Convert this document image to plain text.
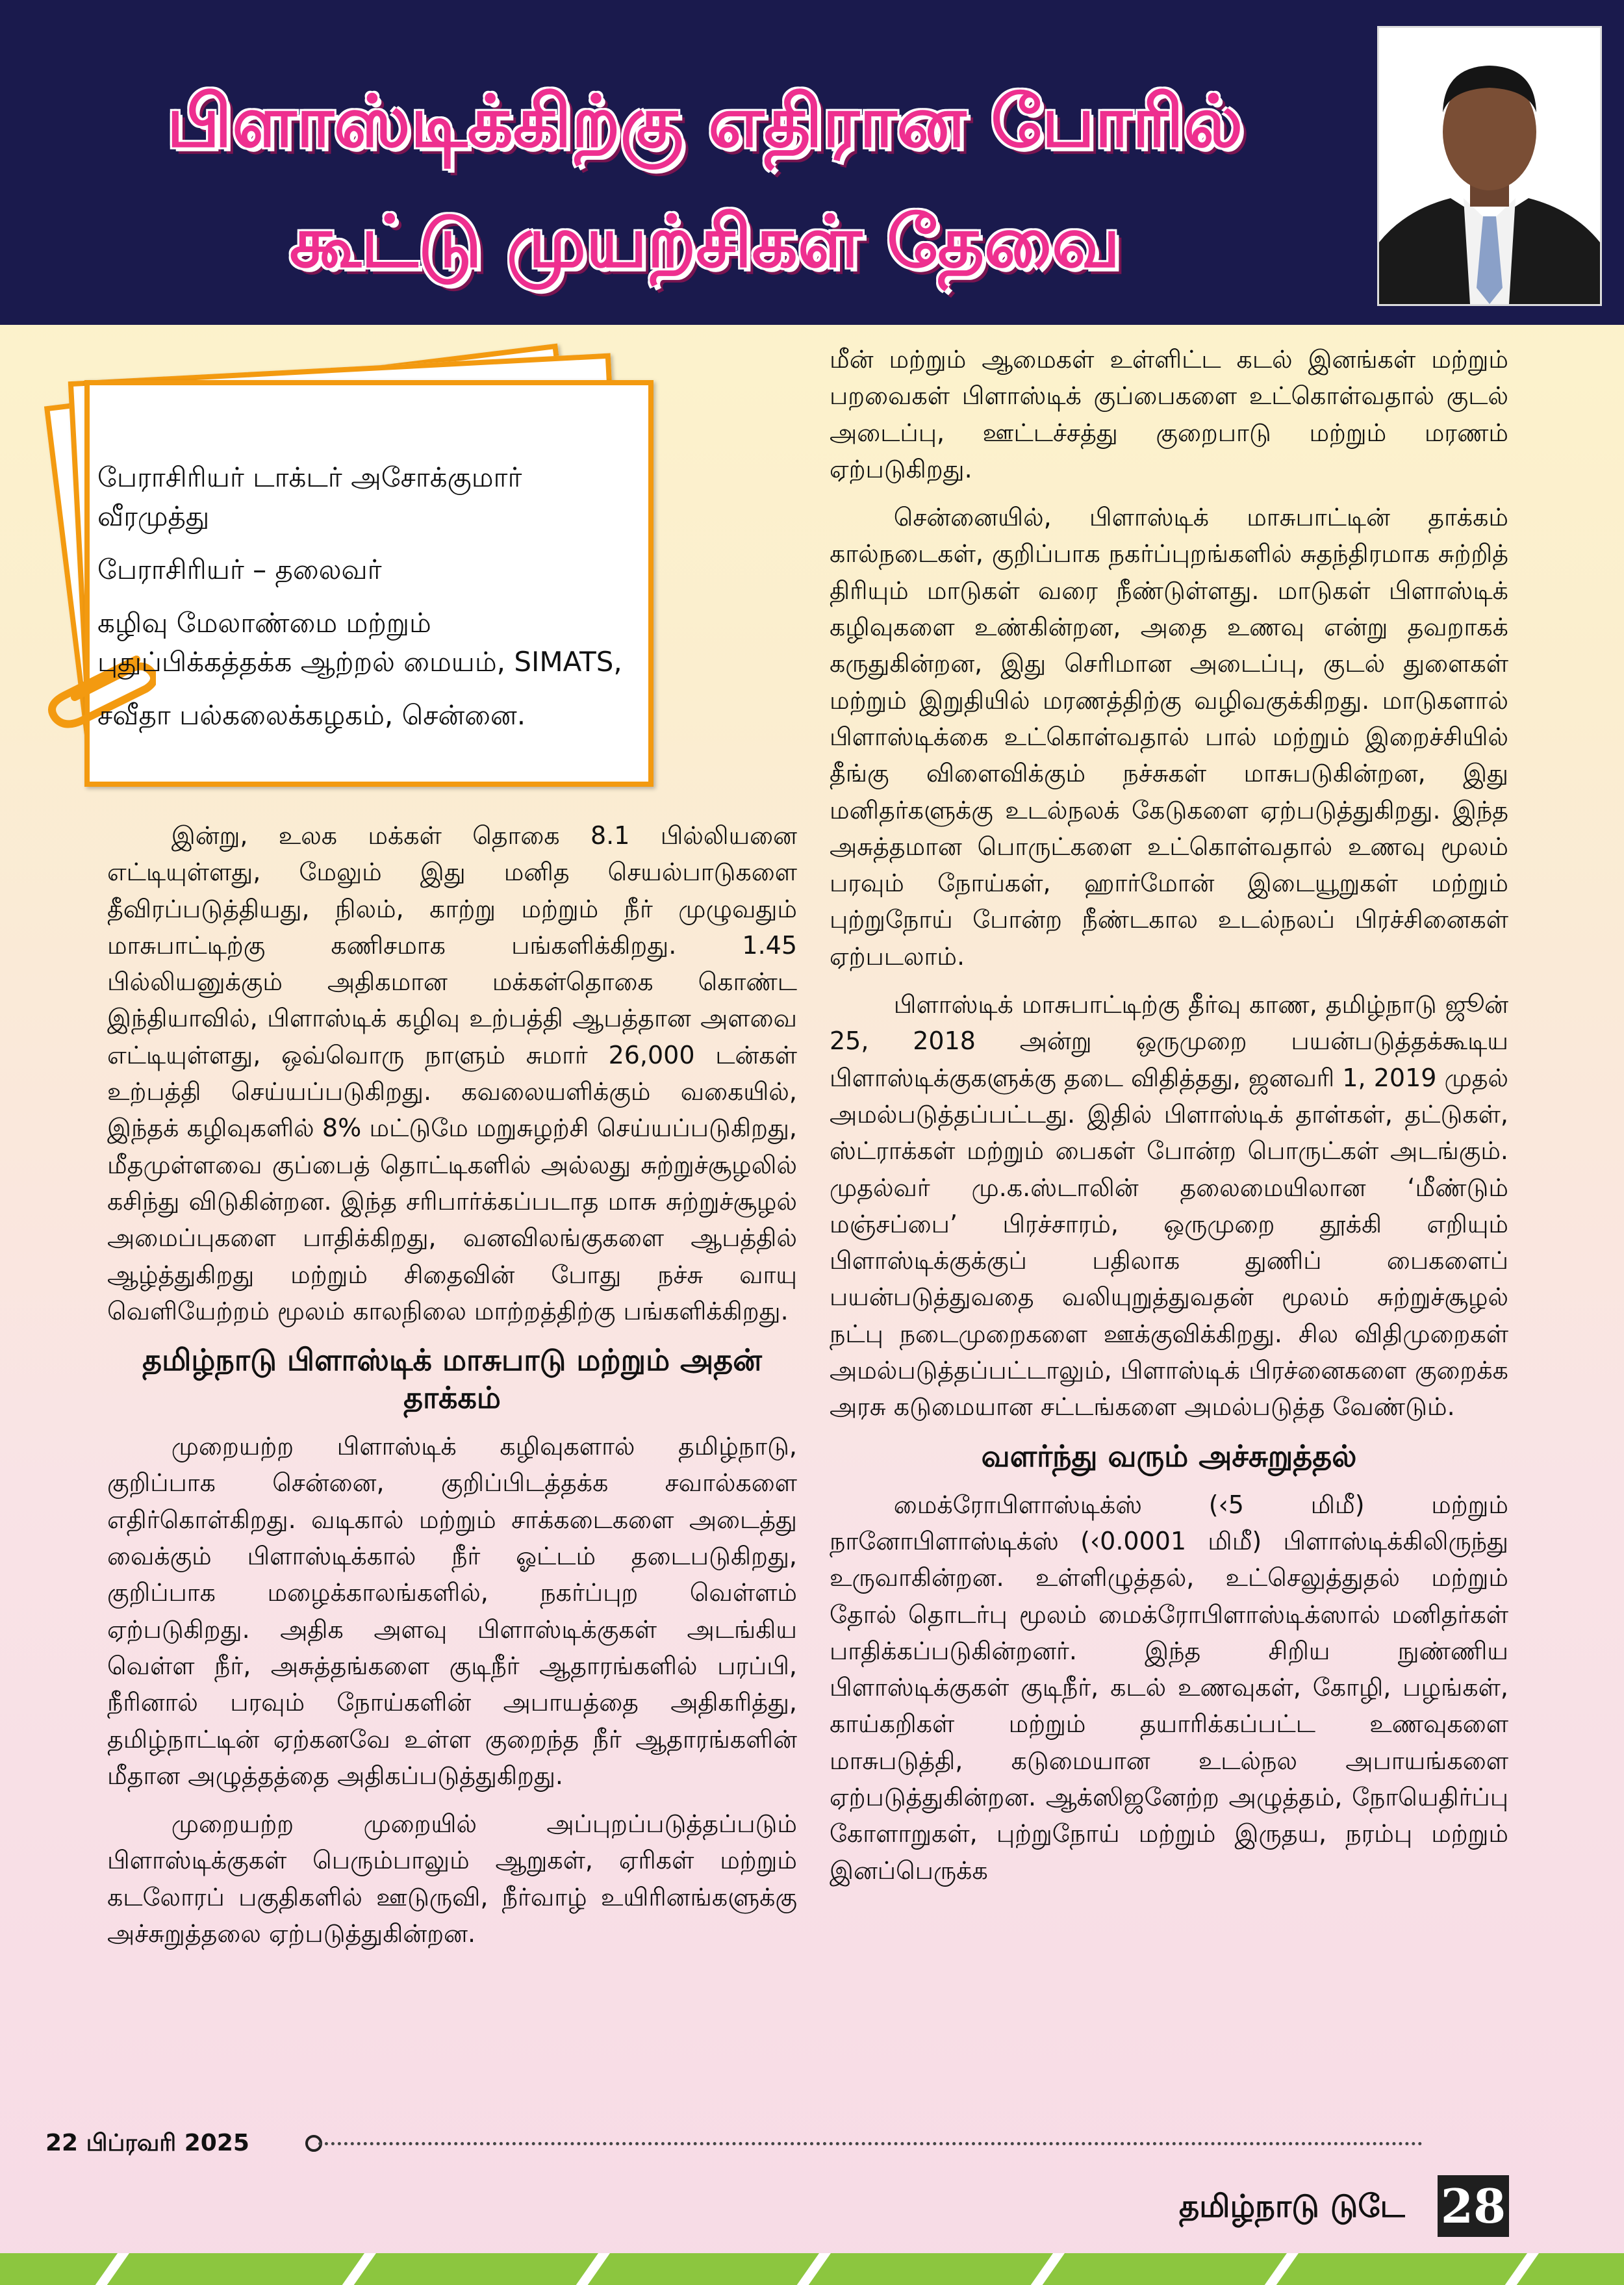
பிளாஸ்டிக்கிற்கு எதிரான போரில்
கூட்டு முயற்சிகள் தேவை
பேராசிரியர் டாக்டர் அசோக்குமார் வீரமுத்து
பேராசிரியர் – தலைவர்
கழிவு மேலாண்மை மற்றும் புதுப்பிக்கத்தக்க ஆற்றல் மையம், SIMATS,
சவீதா பல்கலைக்கழகம், சென்னை.

இன்று, உலக மக்கள் தொகை 8.1 பில்லியனை எட்டியுள்ளது, மேலும் இது மனித செயல்பாடுகளை தீவிரப்படுத்தியது, நிலம், காற்று மற்றும் நீர் முழுவதும் மாசுபாட்டிற்கு கணிசமாக பங்களிக்கிறது. 1.45 பில்லியனுக்கும் அதிகமான மக்கள்தொகை கொண்ட இந்தியாவில், பிளாஸ்டிக் கழிவு உற்பத்தி ஆபத்தான அளவை எட்டியுள்ளது, ஒவ்வொரு நாளும் சுமார் 26,000 டன்கள் உற்பத்தி செய்யப்படுகிறது. கவலையளிக்கும் வகையில், இந்தக் கழிவுகளில் 8% மட்டுமே மறுசுழற்சி செய்யப்படுகிறது, மீதமுள்ளவை குப்பைத் தொட்டிகளில் அல்லது சுற்றுச்சூழலில் கசிந்து விடுகின்றன. இந்த சரிபார்க்கப்படாத மாசு சுற்றுச்சூழல் அமைப்புகளை பாதிக்கிறது, வனவிலங்குகளை ஆபத்தில் ஆழ்த்துகிறது மற்றும் சிதைவின் போது நச்சு வாயு வெளியேற்றம் மூலம் காலநிலை மாற்றத்திற்கு பங்களிக்கிறது.

தமிழ்நாடு பிளாஸ்டிக் மாசுபாடு மற்றும் அதன் தாக்கம்

முறையற்ற பிளாஸ்டிக் கழிவுகளால் தமிழ்நாடு, குறிப்பாக சென்னை, குறிப்பிடத்தக்க சவால்களை எதிர்கொள்கிறது. வடிகால் மற்றும் சாக்கடைகளை அடைத்து வைக்கும் பிளாஸ்டிக்கால் நீர் ஓட்டம் தடைபடுகிறது, குறிப்பாக மழைக்காலங்களில், நகர்ப்புற வெள்ளம் ஏற்படுகிறது. அதிக அளவு பிளாஸ்டிக்குகள் அடங்கிய வெள்ள நீர், அசுத்தங்களை குடிநீர் ஆதாரங்களில் பரப்பி, நீரினால் பரவும் நோய்களின் அபாயத்தை அதிகரித்து, தமிழ்நாட்டின் ஏற்கனவே உள்ள குறைந்த நீர் ஆதாரங்களின் மீதான அழுத்தத்தை அதிகப்படுத்துகிறது.

முறையற்ற முறையில் அப்புறப்படுத்தப்படும் பிளாஸ்டிக்குகள் பெரும்பாலும் ஆறுகள், ஏரிகள் மற்றும் கடலோரப் பகுதிகளில் ஊடுருவி, நீர்வாழ் உயிரினங்களுக்கு அச்சுறுத்தலை ஏற்படுத்துகின்றன.

மீன் மற்றும் ஆமைகள் உள்ளிட்ட கடல் இனங்கள் மற்றும் பறவைகள் பிளாஸ்டிக் குப்பைகளை உட்கொள்வதால் குடல் அடைப்பு, ஊட்டச்சத்து குறைபாடு மற்றும் மரணம் ஏற்படுகிறது.

சென்னையில், பிளாஸ்டிக் மாசுபாட்டின் தாக்கம் கால்நடைகள், குறிப்பாக நகர்ப்புறங்களில் சுதந்திரமாக சுற்றித் திரியும் மாடுகள் வரை நீண்டுள்ளது. மாடுகள் பிளாஸ்டிக் கழிவுகளை உண்கின்றன, அதை உணவு என்று தவறாகக் கருதுகின்றன, இது செரிமான அடைப்பு, குடல் துளைகள் மற்றும் இறுதியில் மரணத்திற்கு வழிவகுக்கிறது. மாடுகளால் பிளாஸ்டிக்கை உட்கொள்வதால் பால் மற்றும் இறைச்சியில் தீங்கு விளைவிக்கும் நச்சுகள் மாசுபடுகின்றன, இது மனிதர்களுக்கு உடல்நலக் கேடுகளை ஏற்படுத்துகிறது. இந்த அசுத்தமான பொருட்களை உட்கொள்வதால் உணவு மூலம் பரவும் நோய்கள், ஹார்மோன் இடையூறுகள் மற்றும் புற்றுநோய் போன்ற நீண்டகால உடல்நலப் பிரச்சினைகள் ஏற்படலாம்.

பிளாஸ்டிக் மாசுபாட்டிற்கு தீர்வு காண, தமிழ்நாடு ஜூன் 25, 2018 அன்று ஒருமுறை பயன்படுத்தக்கூடிய பிளாஸ்டிக்குகளுக்கு தடை விதித்தது, ஜனவரி 1, 2019 முதல் அமல்படுத்தப்பட்டது. இதில் பிளாஸ்டிக் தாள்கள், தட்டுகள், ஸ்ட்ராக்கள் மற்றும் பைகள் போன்ற பொருட்கள் அடங்கும். முதல்வர் மு.க.ஸ்டாலின் தலைமையிலான ‘மீண்டும் மஞ்சப்பை’ பிரச்சாரம், ஒருமுறை தூக்கி எறியும் பிளாஸ்டிக்குக்குப் பதிலாக துணிப் பைகளைப் பயன்படுத்துவதை வலியுறுத்துவதன் மூலம் சுற்றுச்சூழல் நட்பு நடைமுறைகளை ஊக்குவிக்கிறது. சில விதிமுறைகள் அமல்படுத்தப்பட்டாலும், பிளாஸ்டிக் பிரச்னைகளை குறைக்க அரசு கடுமையான சட்டங்களை அமல்படுத்த வேண்டும்.

வளர்ந்து வரும் அச்சுறுத்தல்

மைக்ரோபிளாஸ்டிக்ஸ் (‹5 மிமீ) மற்றும் நானோபிளாஸ்டிக்ஸ் (‹0.0001 மிமீ) பிளாஸ்டிக்கிலிருந்து உருவாகின்றன. உள்ளிழுத்தல், உட்செலுத்துதல் மற்றும் தோல் தொடர்பு மூலம் மைக்ரோபிளாஸ்டிக்ஸால் மனிதர்கள் பாதிக்கப்படுகின்றனர். இந்த சிறிய நுண்ணிய பிளாஸ்டிக்குகள் குடிநீர், கடல் உணவுகள், கோழி, பழங்கள், காய்கறிகள் மற்றும் தயாரிக்கப்பட்ட உணவுகளை மாசுபடுத்தி, கடுமையான உடல்நல அபாயங்களை ஏற்படுத்துகின்றன. ஆக்ஸிஜனேற்ற அழுத்தம், நோயெதிர்ப்பு கோளாறுகள், புற்றுநோய் மற்றும் இருதய, நரம்பு மற்றும் இனப்பெருக்க

22 பிப்ரவரி 2025
தமிழ்நாடு டுடே 28
